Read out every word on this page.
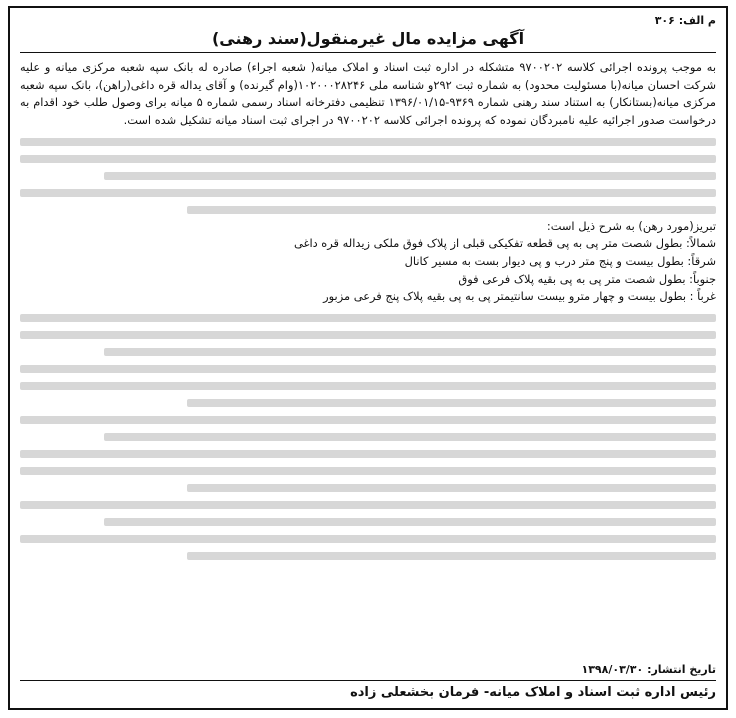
م الف: ۳۰۶
آگهی مزایده مال غیرمنقول(سند رهنی)

به موجب پرونده اجرائی کلاسه ۹۷۰۰۲۰۲ متشکله در اداره ثبت اسناد و املاک میانه( شعبه اجراء) صادره له بانک سپه شعبه مرکزی میانه و علیه شرکت احسان میانه(با مسئولیت محدود) به شماره ثبت ۲۹۲و شناسه ملی ۱۰۲۰۰۰۲۸۲۴۶(وام گیرنده) و آقای یداله قره داغی(راهن)، بانک سپه شعبه مرکزی میانه(بستانکار) به استناد سند رهنی شماره ۹۳۶۹-۱۳۹۶/۰۱/۱۵ تنظیمی دفترخانه اسناد رسمی شماره ۵ میانه برای وصول طلب خود اقدام به درخواست صدور اجرائیه علیه نامبردگان نموده که پرونده اجرائی کلاسه ۹۷۰۰۲۰۲ در اجرای ثبت اسناد میانه تشکیل شده است.

تبریز(مورد رهن) به شرح ذیل است:
شمالاً: بطول شصت متر پی به پی قطعه تفکیکی قبلی از پلاک فوق ملکی زیداله قره داغی
شرقاً: بطول بیست و پنج متر درب و پی دیوار بست به مسیر کانال
جنوباً: بطول شصت متر پی به پی بقیه پلاک فرعی فوق
غرباً : بطول بیست و چهار مترو بیست سانتیمتر پی به پی بقیه پلاک پنج فرعی مزبور
تاریخ انتشار: ۱۳۹۸/۰۳/۳۰
رئیس اداره ثبت اسناد و املاک میانه- فرمان بخشعلی زاده
